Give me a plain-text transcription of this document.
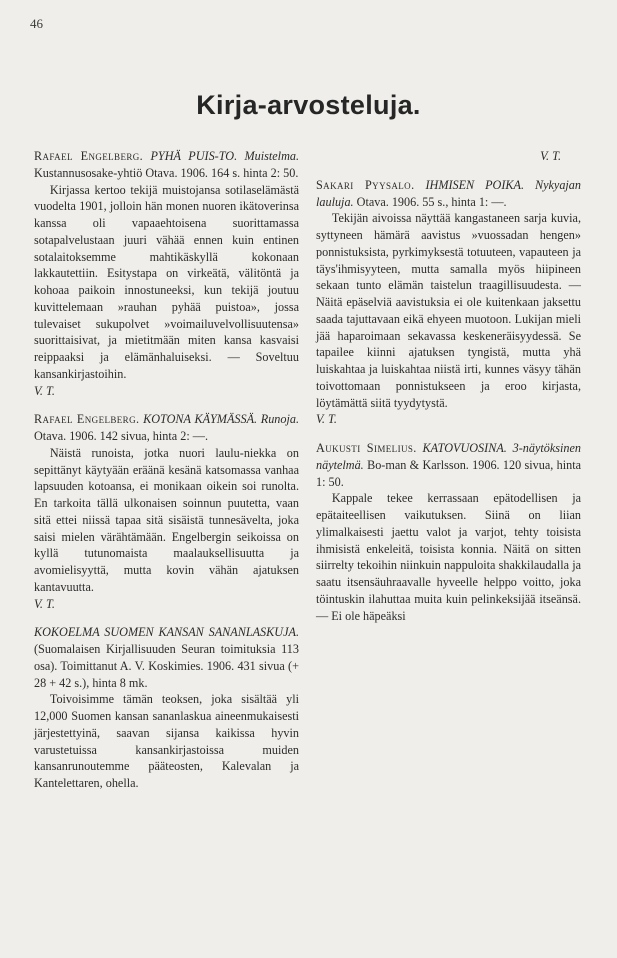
46
Kirja-arvosteluja.

Rafael Engelberg. PYHÄ PUIS-TO. Muistelma. Kustannusosake-yhtiö Otava. 1906. 164 s. hinta 2: 50.

Kirjassa kertoo tekijä muistojansa sotilaselämästä vuodelta 1901, jolloin hän monen nuoren ikätoverinsa kanssa oli vapaaehtoisena suorittamassa sotapalvelustaan juuri vähää ennen kuin entinen sotalaitoksemme mahtikäskyllä kokonaan lakkautettiin. Esitystapa on virkeätä, välitöntä ja kohoaa paikoin innostuneeksi, kun tekijä joutuu kuvittelemaan »rauhan pyhää puistoa», jossa tulevaiset sukupolvet »voimailuvelvollisuutensa» suorittaisivat, ja mietitmään miten kansa kasvaisi reippaaksi ja elämänhaluiseksi. — Soveltuu kansankirjastoihin.

V. T.

Rafael Engelberg. KOTONA KÄYMÄSSÄ. Runoja. Otava. 1906. 142 sivua, hinta 2: —.

Näistä runoista, jotka nuori laulu-niekka on sepittänyt käytyään eräänä kesänä katsomassa vanhaa lapsuuden kotoansa, ei monikaan oikein soi runolta. En tarkoita tällä ulkonaisen soinnun puutetta, vaan sitä ettei niissä tapaa sitä sisäistä tunnesävelta, joka saisi mielen värähtämään. Engelbergin seikoissa on kyllä tutunomaista maalauksellisuutta ja avomielisyyttä, mutta kovin vähän ajatuksen kantavuutta.

V. T.

KOKOELMA SUOMEN KANSAN SANANLASKUJA. (Suomalaisen Kirjallisuuden Seuran toimituksia 113 osa). Toimittanut A. V. Koskimies. 1906. 431 sivua (+ 28 + 42 s.), hinta 8 mk.

Toivoisimme tämän teoksen, joka sisältää yli 12,000 Suomen kansan sananlaskua aineenmukaisesti järjestettyinä, saavan sijansa kaikissa hyvin varustetuissa kansankirjastoissa muiden kansanrunoutemme pääteosten, Kalevalan ja Kantelettaren, ohella.

V. T.

Sakari Pyysalo. IHMISEN POIKA. Nykyajan lauluja. Otava. 1906. 55 s., hinta 1: —.

Tekijän aivoissa näyttää kangastaneen sarja kuvia, syttyneen hämärä aavistus »vuossadan hengen» ponnistuksista, pyrkimyksestä totuuteen, vapauteen ja täys'ihmisyyteen, mutta samalla myös hiipineen sekaan tunto elämän taistelun traagillisuudesta. — Näitä epäselviä aavistuksia ei ole kuitenkaan jaksettu saada tajuttavaan eikä ehyeen muotoon. Lukijan mieli jää haparoimaan sekavassa keskeneräisyydessä. Se tapailee kiinni ajatuksen tyngistä, mutta yhä luiskahtaa ja luiskahtaa niistä irti, kunnes väsyy tähän toivottomaan ponnistukseen ja eroo kirjasta, löytämättä siitä tyydytystä.

V. T.

Aukusti Simelius. KATOVUOSINA. 3-näytöksinen näytelmä. Bo-man & Karlsson. 1906. 120 sivua, hinta 1: 50.

Kappale tekee kerrassaan epätodellisen ja epätaiteellisen vaikutuksen. Siinä on liian ylimalkaisesti jaettu valot ja varjot, tehty toisista ihmisistä enkeleitä, toisista konnia. Näitä on sitten siirrelty tekoihin niinkuin nappuloita shakkilaudalla ja saatu itsensäuhraavalle hyveelle helppo voitto, joka töintuskin ilahuttaa muita kuin pelinkeksijää itseänsä. — Ei ole häpeäksi
